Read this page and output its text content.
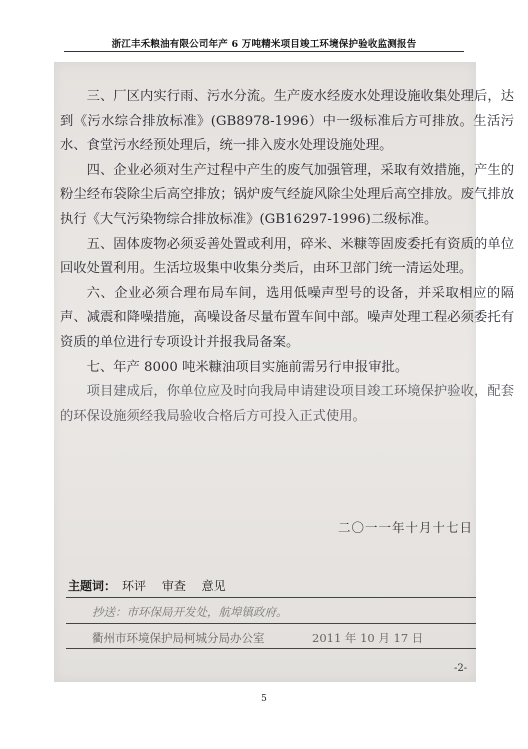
浙江丰禾粮油有限公司年产 6 万吨精米项目竣工环境保护验收监测报告

三、厂区内实行雨、污水分流。生产废水经废水处理设施收集处理后，达到《污水综合排放标准》(GB8978-1996）中一级标准后方可排放。生活污水、食堂污水经预处理后，统一排入废水处理设施处理。

四、企业必须对生产过程中产生的废气加强管理，采取有效措施，产生的粉尘经布袋除尘后高空排放；锅炉废气经旋风除尘处理后高空排放。废气排放执行《大气污染物综合排放标准》(GB16297-1996)二级标准。

五、固体废物必须妥善处置或利用，碎米、米糠等固废委托有资质的单位回收处置利用。生活垃圾集中收集分类后，由环卫部门统一清运处理。

六、企业必须合理布局车间，选用低噪声型号的设备，并采取相应的隔声、减震和降噪措施，高噪设备尽量布置车间中部。噪声处理工程必须委托有资质的单位进行专项设计并报我局备案。

七、年产 8000 吨米糠油项目实施前需另行申报审批。

项目建成后，你单位应及时向我局申请建设项目竣工环境保护验收，配套的环保设施须经我局验收合格后方可投入正式使用。

二〇一一年十月十七日
主题词： 环评 审查 意见
抄送：市环保局开发处，航埠镇政府。
衢州市环境保护局柯城分局办公室	2011 年 10 月 17 日
-2-
5
